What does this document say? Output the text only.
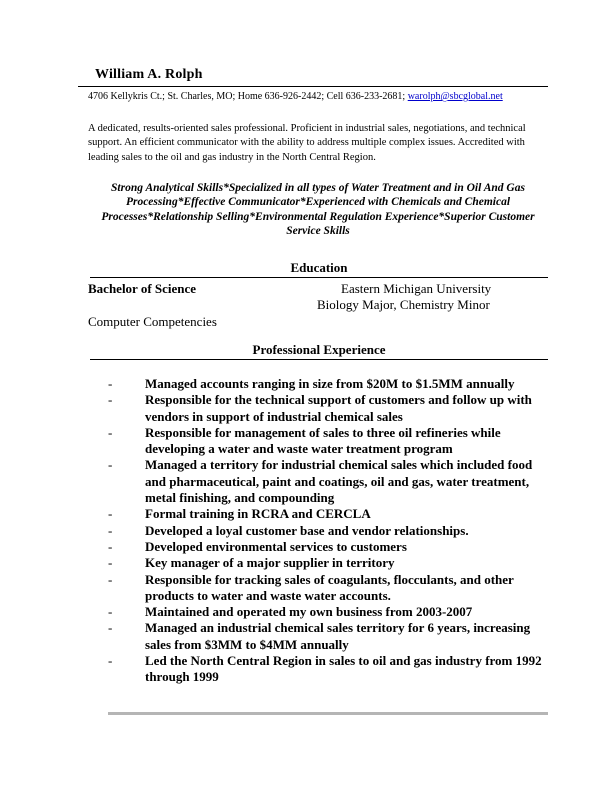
William A. Rolph
4706 Kellykris Ct.; St. Charles, MO; Home 636-926-2442; Cell 636-233-2681; warolph@sbcglobal.net
A dedicated, results-oriented sales professional. Proficient in industrial sales, negotiations, and technical support. An efficient communicator with the ability to address multiple complex issues. Accredited with leading sales to the oil and gas industry in the North Central Region.
Strong Analytical Skills*Specialized in all types of Water Treatment and in Oil And Gas Processing*Effective Communicator*Experienced with Chemicals and Chemical Processes*Relationship Selling*Environmental Regulation Experience*Superior Customer Service Skills
Education
Bachelor of Science	Eastern Michigan University
Biology Major, Chemistry Minor
Computer Competencies
Professional Experience
-	Managed accounts ranging in size from $20M to $1.5MM annually
-	Responsible for the technical support of customers and follow up with vendors in support of industrial chemical sales
-	Responsible for management of sales to three oil refineries while developing a water and waste water treatment program
-	Managed a territory for industrial chemical sales which included food and pharmaceutical, paint and coatings, oil and gas, water treatment, metal finishing, and compounding
-	Formal training in RCRA and CERCLA
-	Developed a loyal customer base and vendor relationships.
-	Developed environmental services to customers
-	Key manager of a major supplier in territory
-	Responsible for tracking sales of coagulants, flocculants, and other products to water and waste water accounts.
-	Maintained and operated my own business from 2003-2007
-	Managed an industrial chemical sales territory for 6 years, increasing sales from $3MM to $4MM annually
-	Led the North Central Region in sales to oil and gas industry from 1992 through 1999
